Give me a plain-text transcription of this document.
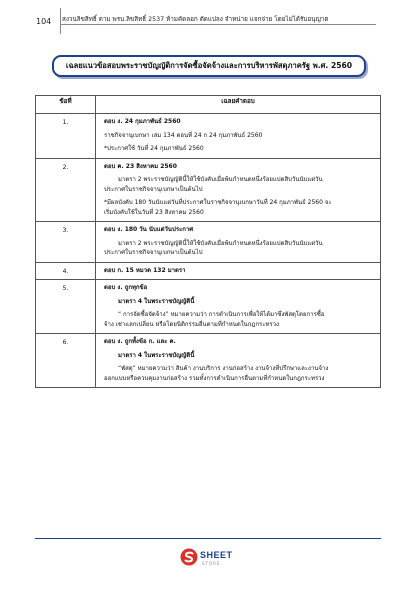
104 สงวนลิขสิทธิ์ ตาม พรบ.ลิขสิทธิ์ 2537 ห้ามคัดลอก ตัดแปลง จำหน่าย แจกจ่าย โดยไม่ได้รับอนุญาต
เฉลยแนวข้อสอบพระราชบัญญัติการจัดซื้อจัดจ้างและการบริหารพัสดุภาครัฐ พ.ศ. 2560
ข้อที่	เฉลยคำตอบ
1.	ตอบ ง. 24 กุมภาพันธ์ 2560

ราชกิจจานุเบกษา เล่ม 134 ตอนที่ 24 ก 24 กุมภาพันธ์ 2560

*ประกาศใช้ วันที่ 24 กุมภาพันธ์ 2560

2.	ตอบ ค. 23 สิงหาคม 2560

มาตรา 2 พระราชบัญญัตินี้ให้ใช้บังคับเมื่อพ้นกำหนดหนึ่งร้อยแปดสิบวันนับแต่วัน

ประกาศในราชกิจจานุเบกษาเป็นต้นไป

*มีผลบังคับ 180 วันนับแต่วันที่ประกาศในราชกิจจานุเบกษาวันที่ 24 กุมภาพันธ์ 2560 จะ

เริ่มบังคับใช้ในวันที่ 23 สิงหาคม 2560

3.	ตอบ ง. 180 วัน นับแต่วันประกาศ

มาตรา 2 พระราชบัญญัตินี้ให้ใช้บังคับเมื่อพ้นกำหนดหนึ่งร้อยแปดสิบวันนับแต่วัน

ประกาศในราชกิจจานุเบกษาเป็นต้นไป

4.	ตอบ ก. 15 หมวด 132 มาตรา

5.	ตอบ ง. ถูกทุกข้อ

มาตรา 4 ในพระราชบัญญัตินี้

“ การจัดซื้อจัดจ้าง” หมายความว่า การดำเนินการเพื่อให้ได้มาซึ่งพัสดุโดยการซื้อ

จ้าง เช่าแลกเปลี่ยน หรือโดยนิติกรรมอื่นตามที่กำหนดในกฎกระทรวง

6.	ตอบ ง. ถูกทั้งข้อ ก. และ ค.

มาตรา 4 ในพระราชบัญญัตินี้

“พัสดุ” หมายความว่า สินค้า งานบริการ งานก่อสร้าง งานจ้างที่ปรึกษาและงานจ้าง

ออกแบบหรือควบคุมงานก่อสร้าง รวมทั้งการดำเนินการอื่นตามที่กำหนดในกฎกระทรวง

SHEET
STORE
